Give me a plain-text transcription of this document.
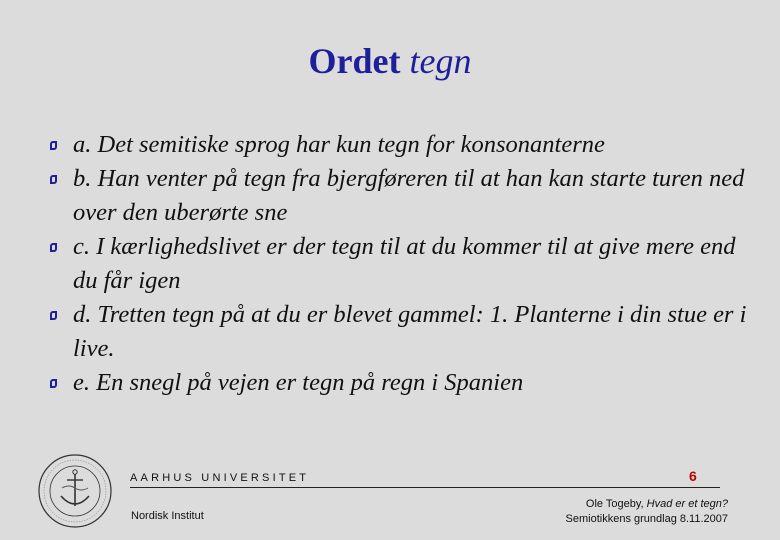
Ordet tegn
a. Det semitiske sprog har kun tegn for konsonanterne
b. Han venter på tegn fra bjergføreren til at han kan starte turen ned over den uberørte sne
c. I kærlighedslivet er der tegn til at du kommer til at give mere end du får igen
d. Tretten tegn på at du er blevet gammel: 1. Planterne i din stue er i live.
e. En snegl på vejen er tegn på regn i Spanien
AARHUS UNIVERSITET	6
Nordisk Institut
Ole Togeby, Hvad er et tegn?
Semiotikkens grundlag 8.11.2007
